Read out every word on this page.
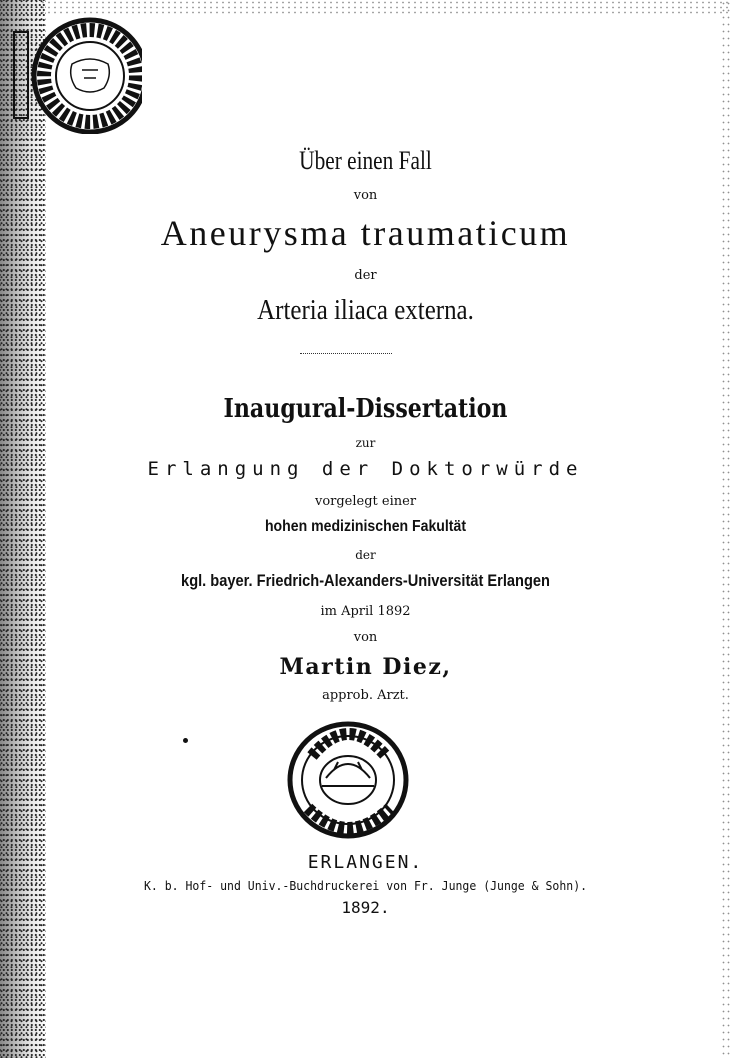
Über einen Fall
von
Aneurysma traumaticum
der
Arteria iliaca externa.
Inaugural-Dissertation
zur
Erlangung der Doktorwürde
vorgelegt einer
hohen medizinischen Fakultät
der
kgl. bayer. Friedrich-Alexanders-Universität Erlangen
im April 1892
von
Martin Diez,
approb. Arzt.
ERLANGEN.
K. b. Hof- und Univ.-Buchdruckerei von Fr. Junge (Junge & Sohn).
1892.
